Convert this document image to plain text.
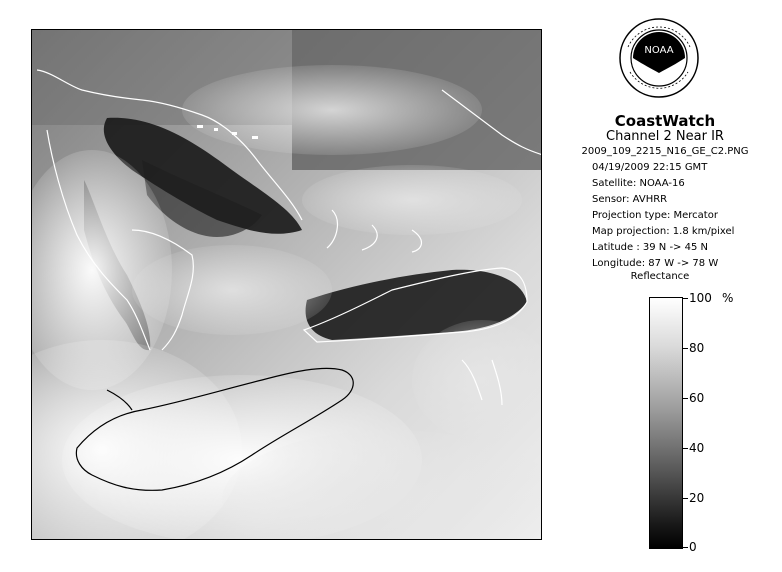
NOAA
CoastWatch
Channel 2 Near IR
2009_109_2215_N16_GE_C2.PNG
04/19/2009 22:15 GMT
Satellite: NOAA-16
Sensor: AVHRR
Projection type: Mercator
Map projection: 1.8 km/pixel
Latitude : 39 N -> 45 N
Longitude: 87 W -> 78 W
Reflectance
100
80
60
40
20
0
%
